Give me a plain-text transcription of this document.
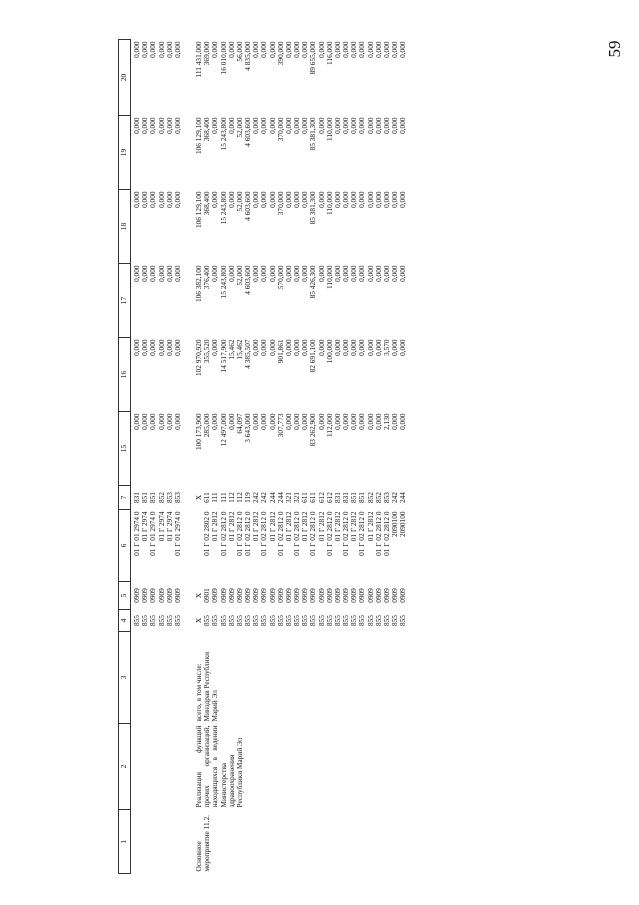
59
1	2	3	4	5	6	7	15	16	17	18	19	20

			855	0909	01 Г 01 2974 0	831	0,000	0,000	0,000	0,000	0,000	0,000
			855	0909	01 Г 2974	851	0,000	0,000	0,000	0,000	0,000	0,000
			855	0909	01 Г 01 2974 0	851	0,000	0,000	0,000	0,000	0,000	0,000
			855	0909	01 Г 2974	852	0,000	0,000	0,000	0,000	0,000	0,000
			855	0909	01 Г 2974	853	0,000	0,000	0,000	0,000	0,000	0,000
			855	0909	01 Г 01 2974 0	853	0,000	0,000	0,000	0,000	0,000	0,000

Основное мероприятие 11.2.	Реализация функций прочих организаций, находящихся в ведении Министерства здравоохранения Республики Марий Эл	всего, в том числе:	X	X		X	100 173,900	102 970,920	106 382,100	106 129,100	106 129,100	111 431,000
		Минздрав Республики Марий Эл	855	0901	01 Г 02 2802 0	611	285,000	355,520	376,400	368,400	368,400	369,000
			855	0909	01 Г 2812	111	0,000	0,000	0,000	0,000	0,000	0,000
			855	0909	01 Г 02 2812 0	111	12 497,000	14 517,900	15 243,800	15 243,800	15 243,800	16 010,000
			855	0909	01 Г 2812	112	0,000	15,462	0,000	0,000	0,000	0,000
			855	0909	01 Г 02 2812 0	112	64,097	15,462	52,000	52,000	52,000	56,000
			855	0909	01 Г 02 2812 0	119	3 643,000	4 385,507	4 603,600	4 603,600	4 603,600	4 835,000
			855	0909	01 Г 2812	242	0,000	0,000	0,000	0,000	0,000	0,000
			855	0909	01 Г 02 2812 0	242	0,000	0,000	0,000	0,000	0,000	0,000
			855	0909	01 Г 2812	244	0,000	0,000	0,000	0,000	0,000	0,000
			855	0909	01 Г 02 2812 0	244	307,773	901,861	570,000	370,000	370,000	390,000
			855	0909	01 Г 2812	321	0,000	0,000	0,000	0,000	0,000	0,000
			855	0909	01 Г 02 2812 0	321	0,000	0,000	0,000	0,000	0,000	0,000
			855	0909	01 Г 2812	611	0,000	0,000	0,000	0,000	0,000	0,000
			855	0909	01 Г 02 2812 0	611	83 262,900	82 691,100	85 426,300	85 381,300	85 381,300	89 655,000
			855	0909	01 Г 2812	612	0,000	0,000	0,000	0,000	0,000	0,000
			855	0909	01 Г 02 2812 0	612	112,000	100,000	110,000	110,000	110,000	116,000
			855	0909	01 Г 2812	831	0,000	0,000	0,000	0,000	0,000	0,000
			855	0909	01 Г 02 2812 0	831	0,000	0,000	0,000	0,000	0,000	0,000
			855	0909	01 Г 2812	851	0,000	0,000	0,000	0,000	0,000	0,000
			855	0909	01 Г 02 2812 0	851	0,000	0,000	0,000	0,000	0,000	0,000
			855	0909	01 Г 2812	852	0,000	0,000	0,000	0,000	0,000	0,000
			855	0909	01 Г 02 2812 0	852	0,000	0,000	0,000	0,000	0,000	0,000
			855	0909	01 Г 02 2812 0	853	2,130	3,570	0,000	0,000	0,000	0,000
			855	0909	2090100	242	0,000	0,000	0,000	0,000	0,000	0,000
			855	0909	2090100	244	0,000	0,000	0,000	0,000	0,000	0,000
